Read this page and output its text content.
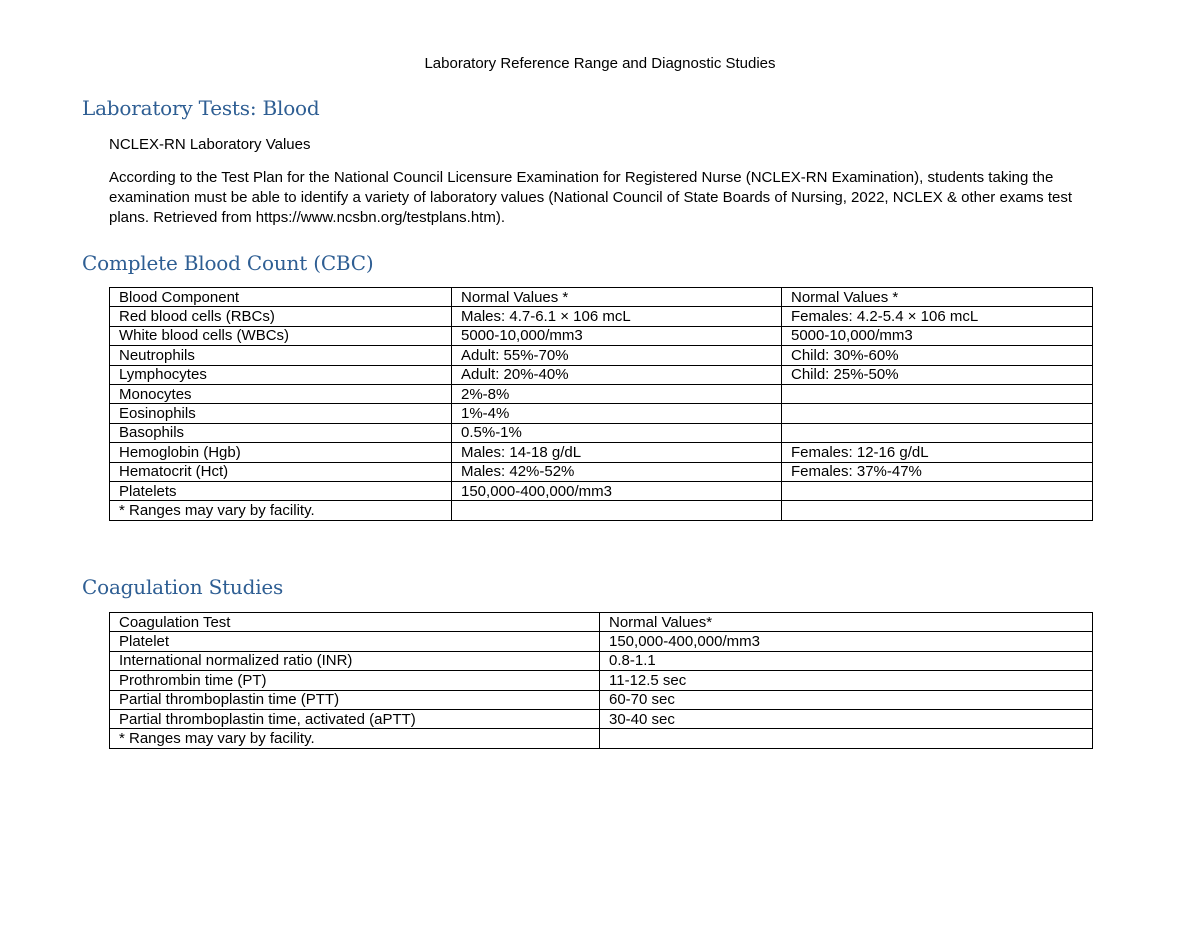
Laboratory Reference Range and Diagnostic Studies
Laboratory Tests: Blood

NCLEX-RN Laboratory Values

According to the Test Plan for the National Council Licensure Examination for Registered Nurse (NCLEX-RN Examination), students taking the examination must be able to identify a variety of laboratory values (National Council of State Boards of Nursing, 2022, NCLEX & other exams test plans. Retrieved from https://www.ncsbn.org/testplans.htm).

Complete Blood Count (CBC)
Blood Component	Normal Values *	Normal Values *
Red blood cells (RBCs)	Males: 4.7-6.1 × 106 mcL	Females: 4.2-5.4 × 106 mcL
White blood cells (WBCs)	5000-10,000/mm3	5000-10,000/mm3
Neutrophils	Adult: 55%-70%	Child: 30%-60%
Lymphocytes	Adult: 20%-40%	Child: 25%-50%
Monocytes	2%-8%	
Eosinophils	1%-4%	
Basophils	0.5%-1%	
Hemoglobin (Hgb)	Males: 14-18 g/dL	Females: 12-16 g/dL
Hematocrit (Hct)	Males: 42%-52%	Females: 37%-47%
Platelets	150,000-400,000/mm3	
* Ranges may vary by facility.		
Coagulation Studies
Coagulation Test	Normal Values*
Platelet	150,000-400,000/mm3
International normalized ratio (INR)	0.8-1.1
Prothrombin time (PT)	11-12.5 sec
Partial thromboplastin time (PTT)	60-70 sec
Partial thromboplastin time, activated (aPTT)	30-40 sec
* Ranges may vary by facility.	
